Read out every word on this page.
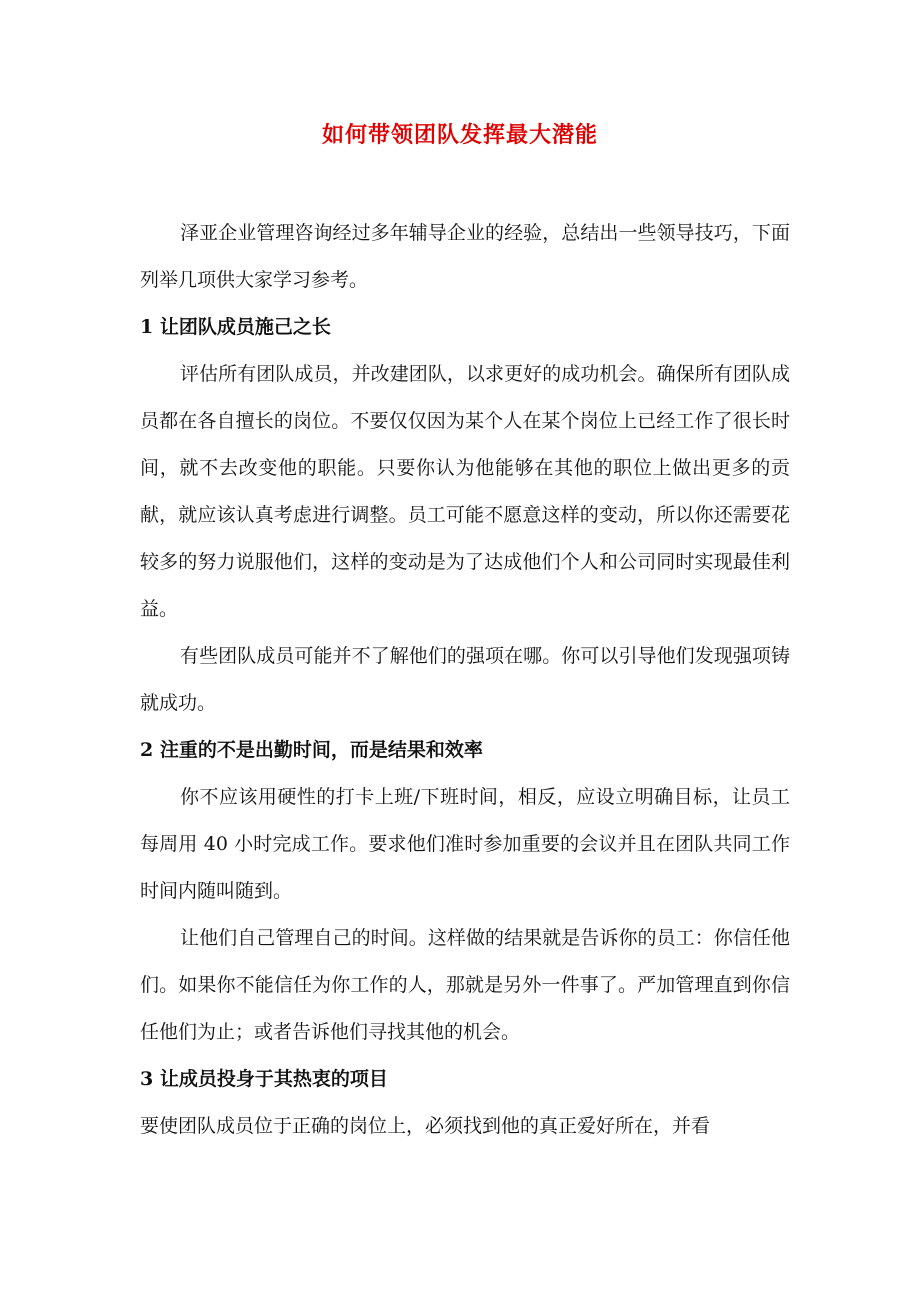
如何带领团队发挥最大潜能

泽亚企业管理咨询经过多年辅导企业的经验，总结出一些领导技巧，下面列举几项供大家学习参考。

1 让团队成员施己之长

评估所有团队成员，并改建团队，以求更好的成功机会。确保所有团队成员都在各自擅长的岗位。不要仅仅因为某个人在某个岗位上已经工作了很长时间，就不去改变他的职能。只要你认为他能够在其他的职位上做出更多的贡献，就应该认真考虑进行调整。员工可能不愿意这样的变动，所以你还需要花较多的努力说服他们，这样的变动是为了达成他们个人和公司同时实现最佳利益。

有些团队成员可能并不了解他们的强项在哪。你可以引导他们发现强项铸就成功。

2 注重的不是出勤时间，而是结果和效率

你不应该用硬性的打卡上班/下班时间，相反，应设立明确目标，让员工每周用 40 小时完成工作。要求他们准时参加重要的会议并且在团队共同工作时间内随叫随到。

让他们自己管理自己的时间。这样做的结果就是告诉你的员工：你信任他们。如果你不能信任为你工作的人，那就是另外一件事了。严加管理直到你信任他们为止；或者告诉他们寻找其他的机会。

3 让成员投身于其热衷的项目

要使团队成员位于正确的岗位上，必须找到他的真正爱好所在，并看
